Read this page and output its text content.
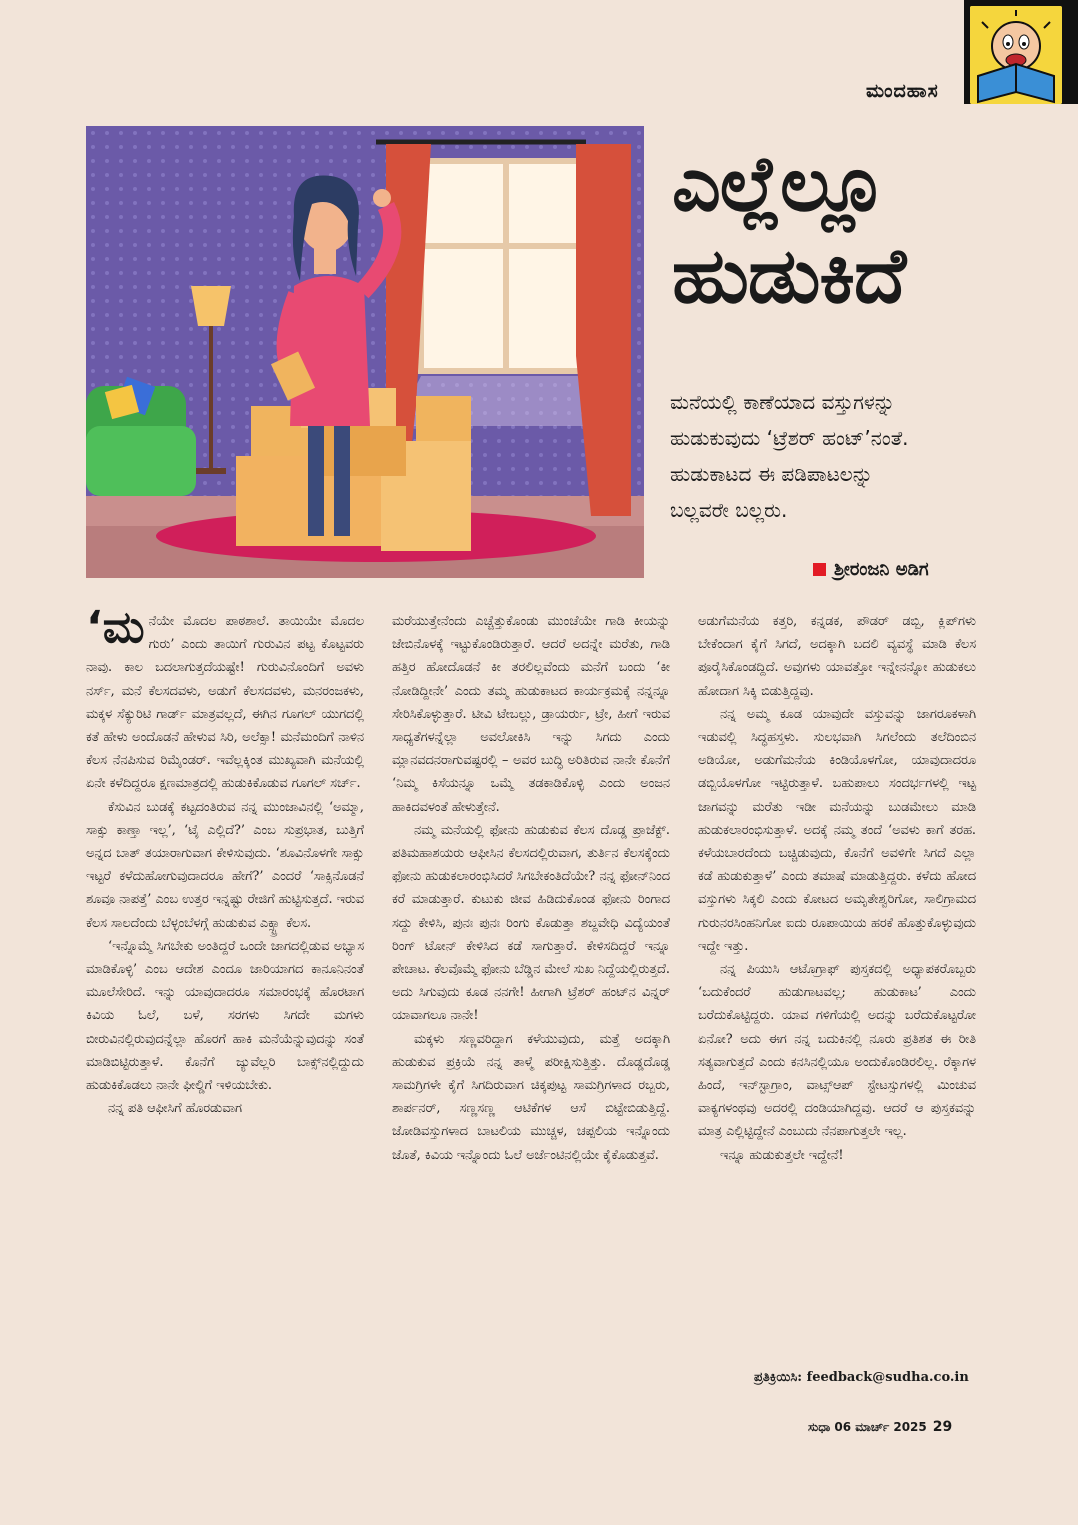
ಮಂದಹಾಸ
ಎಲ್ಲೆಲ್ಲೂ
ಹುಡುಕಿದೆ

ಮನೆಯಲ್ಲಿ ಕಾಣೆಯಾದ ವಸ್ತುಗಳನ್ನು

ಹುಡುಕುವುದು ‘ಟ್ರೆಶರ್ ಹಂಟ್’ನಂತೆ.

ಹುಡುಕಾಟದ ಈ ಪಡಿಪಾಟಲನ್ನು

ಬಲ್ಲವರೇ ಬಲ್ಲರು.

ಶ್ರೀರಂಜನಿ ಅಡಿಗ

‘ಮನೆಯೇ ಮೊದಲ ಪಾಠಶಾಲೆ. ತಾಯಿಯೇ ಮೊದಲ ಗುರು’ ಎಂದು ತಾಯಿಗೆ ಗುರುವಿನ ಪಟ್ಟ ಕೊಟ್ಟವರು ನಾವು. ಕಾಲ ಬದಲಾಗುತ್ತದೆಯಷ್ಟೇ! ಗುರುವಿನೊಂದಿಗೆ ಅವಳು ನರ್ಸ್, ಮನೆ ಕೆಲಸದವಳು, ಅಡುಗೆ ಕೆಲಸದವಳು, ಮನರಂಜಕಳು, ಮಕ್ಕಳ ಸೆಕ್ಯುರಿಟಿ ಗಾರ್ಡ್ ಮಾತ್ರವಲ್ಲದೆ, ಈಗಿನ ಗೂಗಲ್ ಯುಗದಲ್ಲಿ ಕತೆ ಹೇಳು ಅಂದೊಡನೆ ಹೇಳುವ ಸಿರಿ, ಅಲೆಕ್ಸಾ! ಮನೆಮಂದಿಗೆ ನಾಳಿನ ಕೆಲಸ ನೆನಪಿಸುವ ರಿಮೈಂಡರ್. ಇವೆಲ್ಲಕ್ಕಿಂತ ಮುಖ್ಯವಾಗಿ ಮನೆಯಲ್ಲಿ ಏನೇ ಕಳೆದಿದ್ದರೂ ಕ್ಷಣಮಾತ್ರದಲ್ಲಿ ಹುಡುಕಿಕೊಡುವ ಗೂಗಲ್ ಸರ್ಚ್.

ಕೆಸುವಿನ ಬುಡಕ್ಕೆ ಕಟ್ಟದಂತಿರುವ ನನ್ನ ಮುಂಜಾವಿನಲ್ಲಿ ‘ಅಮ್ಮಾ, ಸಾಕ್ಸು ಕಾಣ್ತಾ ಇಲ್ಲ’, ‘ಟೈ ಎಲ್ಲಿದೆ?’ ಎಂಬ ಸುಪ್ರಭಾತ, ಬುತ್ತಿಗೆ ಅನ್ನದ ಬಾತ್ ತಯಾರಾಗುವಾಗ ಕೇಳಿಸುವುದು. ‘ಶೂವಿನೊಳಗೇ ಸಾಕ್ಸು ಇಟ್ಟರೆ ಕಳೆದುಹೋಗುವುದಾದರೂ ಹೇಗೆ?’ ಎಂದರೆ ‘ಸಾಕ್ಸಿನೊಡನೆ ಶೂವೂ ನಾಪತ್ತೆ’ ಎಂಬ ಉತ್ತರ ಇನ್ನಷ್ಟು ರೇಜಿಗೆ ಹುಟ್ಟಿಸುತ್ತದೆ. ಇರುವ ಕೆಲಸ ಸಾಲದೆಂದು ಬೆಳ್ಳಂಬೆಳಗ್ಗೆ ಹುಡುಕುವ ಎಕ್ಸ್ಟ್ರಾ ಕೆಲಸ.

‘ಇನ್ನೊಮ್ಮೆ ಸಿಗಬೇಕು ಅಂತಿದ್ದರೆ ಒಂದೇ ಜಾಗದಲ್ಲಿಡುವ ಅಭ್ಯಾಸ ಮಾಡಿಕೊಳ್ಳಿ’ ಎಂಬ ಆದೇಶ ಎಂದೂ ಜಾರಿಯಾಗದ ಕಾನೂನಿನಂತೆ ಮೂಲೆಸೇರಿದೆ. ಇನ್ನು ಯಾವುದಾದರೂ ಸಮಾರಂಭಕ್ಕೆ ಹೊರಟಾಗ ಕಿವಿಯ ಓಲೆ, ಬಳೆ, ಸರಗಳು ಸಿಗದೇ ಮಗಳು ಬೀರುವಿನಲ್ಲಿರುವುದನ್ನೆಲ್ಲಾ ಹೊರಗೆ ಹಾಕಿ ಮನೆಯೆನ್ನುವುದನ್ನು ಸಂತೆ ಮಾಡಿಬಿಟ್ಟಿರುತ್ತಾಳೆ. ಕೊನೆಗೆ ಜ್ಯುವೆಲ್ಲರಿ ಬಾಕ್ಸ್‌ನಲ್ಲಿದ್ದುದು ಹುಡುಕಿಕೊಡಲು ನಾನೇ ಫೀಲ್ಡಿಗೆ ಇಳಿಯಬೇಕು.

ನನ್ನ ಪತಿ ಆಫೀಸಿಗೆ ಹೊರಡುವಾಗ

ಮರೆಯುತ್ತೇನೆಂದು ಎಚ್ಚೆತ್ತುಕೊಂಡು ಮುಂಚೆಯೇ ಗಾಡಿ ಕೀಯನ್ನು ಜೇಬಿನೊಳಕ್ಕೆ ಇಟ್ಟುಕೊಂಡಿರುತ್ತಾರೆ. ಆದರೆ ಅದನ್ನೇ ಮರೆತು, ಗಾಡಿ ಹತ್ತಿರ ಹೋದೊಡನೆ ಕೀ ತರಲಿಲ್ಲವೆಂದು ಮನೆಗೆ ಬಂದು ‘ಕೀ ನೋಡಿದ್ದೀನೇ’ ಎಂದು ತಮ್ಮ ಹುಡುಕಾಟದ ಕಾರ್ಯಕ್ರಮಕ್ಕೆ ನನ್ನನ್ನೂ ಸೇರಿಸಿಕೊಳ್ಳುತ್ತಾರೆ. ಟೀವಿ ಟೇಬಲ್ಲು, ಡ್ರಾಯರ್ರು, ಟ್ರೇ, ಹೀಗೆ ಇರುವ ಸಾಧ್ಯತೆಗಳನ್ನೆಲ್ಲಾ ಅವಲೋಕಿಸಿ ಇನ್ನು ಸಿಗದು ಎಂದು ಮ್ಲಾನವದನರಾಗುವಷ್ಟರಲ್ಲಿ – ಅವರ ಬುದ್ಧಿ ಅರಿತಿರುವ ನಾನೇ ಕೊನೆಗೆ ‘ನಿಮ್ಮ ಕಿಸೆಯನ್ನೂ ಒಮ್ಮೆ ತಡಕಾಡಿಕೊಳ್ಳಿ ಎಂದು ಅಂಜನ ಹಾಕಿದವಳಂತೆ ಹೇಳುತ್ತೇನೆ.

ನಮ್ಮ ಮನೆಯಲ್ಲಿ ಫೋನು ಹುಡುಕುವ ಕೆಲಸ ದೊಡ್ಡ ಪ್ರಾಜೆಕ್ಟ್. ಪತಿಮಹಾಶಯರು ಆಫೀಸಿನ ಕೆಲಸದಲ್ಲಿರುವಾಗ, ತುರ್ತಿನ ಕೆಲಸಕ್ಕೆಂದು ಫೋನು ಹುಡುಕಲಾರಂಭಿಸಿದರೆ ಸಿಗಬೇಕಂತಿದೆಯೇ? ನನ್ನ ಫೋನ್‌ನಿಂದ ಕರೆ ಮಾಡುತ್ತಾರೆ. ಕುಟುಕು ಜೀವ ಹಿಡಿದುಕೊಂಡ ಫೋನು ರಿಂಗಾದ ಸದ್ದು ಕೇಳಿಸಿ, ಪುನಃ ಪುನಃ ರಿಂಗು ಕೊಡುತ್ತಾ ಶಬ್ದವೇಧಿ ವಿದ್ಯೆಯಂತೆ ರಿಂಗ್ ಟೋನ್ ಕೇಳಿಸಿದ ಕಡೆ ಸಾಗುತ್ತಾರೆ. ಕೇಳಿಸದಿದ್ದರೆ ಇನ್ನೂ ಪೇಚಾಟ. ಕೆಲವೊಮ್ಮೆ ಫೋನು ಬೆಡ್ಡಿನ ಮೇಲೆ ಸುಖ ನಿದ್ದೆಯಲ್ಲಿರುತ್ತದೆ. ಅದು ಸಿಗುವುದು ಕೂಡ ನನಗೇ! ಹೀಗಾಗಿ ಟ್ರೆಶರ್ ಹಂಟ್‌ನ ವಿನ್ನರ್ ಯಾವಾಗಲೂ ನಾನೇ!

ಮಕ್ಕಳು ಸಣ್ಣವರಿದ್ದಾಗ ಕಳೆಯುವುದು, ಮತ್ತೆ ಅದಕ್ಕಾಗಿ ಹುಡುಕುವ ಪ್ರಕ್ರಿಯೆ ನನ್ನ ತಾಳ್ಮೆ ಪರೀಕ್ಷಿಸುತ್ತಿತ್ತು. ದೊಡ್ಡದೊಡ್ಡ ಸಾಮಗ್ರಿಗಳೇ ಕೈಗೆ ಸಿಗದಿರುವಾಗ ಚಿಕ್ಕಪುಟ್ಟ ಸಾಮಗ್ರಿಗಳಾದ ರಬ್ಬರು, ಶಾರ್ಪನರ್, ಸಣ್ಣಸಣ್ಣ ಆಟಿಕೆಗಳ ಆಸೆ ಬಿಟ್ಟೇಬಿಡುತ್ತಿದ್ದೆ. ಜೋಡಿವಸ್ತುಗಳಾದ ಬಾಟಲಿಯ ಮುಚ್ಚಳ, ಚಪ್ಪಲಿಯ ಇನ್ನೊಂದು ಜೊತೆ, ಕಿವಿಯ ಇನ್ನೊಂದು ಓಲೆ ಅರ್ಜೆಂಟಿನಲ್ಲಿಯೇ ಕೈಕೊಡುತ್ತವೆ.

ಅಡುಗೆಮನೆಯ ಕತ್ತರಿ, ಕನ್ನಡಕ, ಪೌಡರ್ ಡಬ್ಬಿ, ಕ್ಲಿಪ್‌ಗಳು ಬೇಕೆಂದಾಗ ಕೈಗೆ ಸಿಗದೆ, ಅದಕ್ಕಾಗಿ ಬದಲಿ ವ್ಯವಸ್ಥೆ ಮಾಡಿ ಕೆಲಸ ಪೂರೈಸಿಕೊಂಡದ್ದಿದೆ. ಅವುಗಳು ಯಾವತ್ತೋ ಇನ್ನೇನನ್ನೋ ಹುಡುಕಲು ಹೋದಾಗ ಸಿಕ್ಕಿ ಬಿಡುತ್ತಿದ್ದವು.

ನನ್ನ ಅಮ್ಮ ಕೂಡ ಯಾವುದೇ ವಸ್ತುವನ್ನು ಜಾಗರೂಕಳಾಗಿ ಇಡುವಲ್ಲಿ ಸಿದ್ಧಹಸ್ತಳು. ಸುಲಭವಾಗಿ ಸಿಗಲೆಂದು ತಲೆದಿಂಬಿನ ಅಡಿಯೋ, ಅಡುಗೆಮನೆಯ ಕಿಂಡಿಯೊಳಗೋ, ಯಾವುದಾದರೂ ಡಬ್ಬಿಯೊಳಗೋ ಇಟ್ಟಿರುತ್ತಾಳೆ. ಬಹುಪಾಲು ಸಂದರ್ಭಗಳಲ್ಲಿ ಇಟ್ಟ ಜಾಗವನ್ನು ಮರೆತು ಇಡೀ ಮನೆಯನ್ನು ಬುಡಮೇಲು ಮಾಡಿ ಹುಡುಕಲಾರಂಭಿಸುತ್ತಾಳೆ. ಅದಕ್ಕೆ ನಮ್ಮ ತಂದೆ ‘ಅವಳು ಕಾಗೆ ತರಹ. ಕಳೆಯಬಾರದೆಂದು ಬಚ್ಚಿಡುವುದು, ಕೊನೆಗೆ ಅವಳಿಗೇ ಸಿಗದೆ ಎಲ್ಲಾ ಕಡೆ ಹುಡುಕುತ್ತಾಳೆ’ ಎಂದು ತಮಾಷೆ ಮಾಡುತ್ತಿದ್ದರು. ಕಳೆದು ಹೋದ ವಸ್ತುಗಳು ಸಿಕ್ಕಲಿ ಎಂದು ಕೋಟದ ಅಮೃತೇಶ್ವರಿಗೋ, ಸಾಲಿಗ್ರಾಮದ ಗುರುನರಸಿಂಹನಿಗೋ ಐದು ರೂಪಾಯಿಯ ಹರಕೆ ಹೊತ್ತುಕೊಳ್ಳುವುದು ಇದ್ದೇ ಇತ್ತು.

ನನ್ನ ಪಿಯುಸಿ ಆಟೊಗ್ರಾಫ್ ಪುಸ್ತಕದಲ್ಲಿ ಅಧ್ಯಾಪಕರೊಬ್ಬರು ‘ಬದುಕೆಂದರೆ ಹುಡುಗಾಟವಲ್ಲ; ಹುಡುಕಾಟ’ ಎಂದು ಬರೆದುಕೊಟ್ಟಿದ್ದರು. ಯಾವ ಗಳಿಗೆಯಲ್ಲಿ ಅದನ್ನು ಬರೆದುಕೊಟ್ಟರೋ ಏನೋ? ಅದು ಈಗ ನನ್ನ ಬದುಕಿನಲ್ಲಿ ನೂರು ಪ್ರತಿಶತ ಈ ರೀತಿ ಸತ್ಯವಾಗುತ್ತದೆ ಎಂದು ಕನಸಿನಲ್ಲಿಯೂ ಅಂದುಕೊಂಡಿರಲಿಲ್ಲ. ರೆಕ್ಕಾಗಳ ಹಿಂದೆ, ಇನ್‌ಸ್ಟಾಗ್ರಾಂ, ವಾಟ್ಸ್‌ಆಪ್ ಸ್ಟೇಟಸ್ಸುಗಳಲ್ಲಿ ಮಿಂಚುವ ವಾಕ್ಯಗಳಂಥವು ಅದರಲ್ಲಿ ದಂಡಿಯಾಗಿದ್ದವು. ಆದರೆ ಆ ಪುಸ್ತಕವನ್ನು ಮಾತ್ರ ಎಲ್ಲಿಟ್ಟಿದ್ದೇನೆ ಎಂಬುದು ನೆನಪಾಗುತ್ತಲೇ ಇಲ್ಲ.

ಇನ್ನೂ ಹುಡುಕುತ್ತಲೇ ಇದ್ದೇನೆ!

ಪ್ರತಿಕ್ರಿಯಿಸಿ: feedback@sudha.co.in
ಸುಧಾ 06 ಮಾರ್ಚ್ 2025 29
